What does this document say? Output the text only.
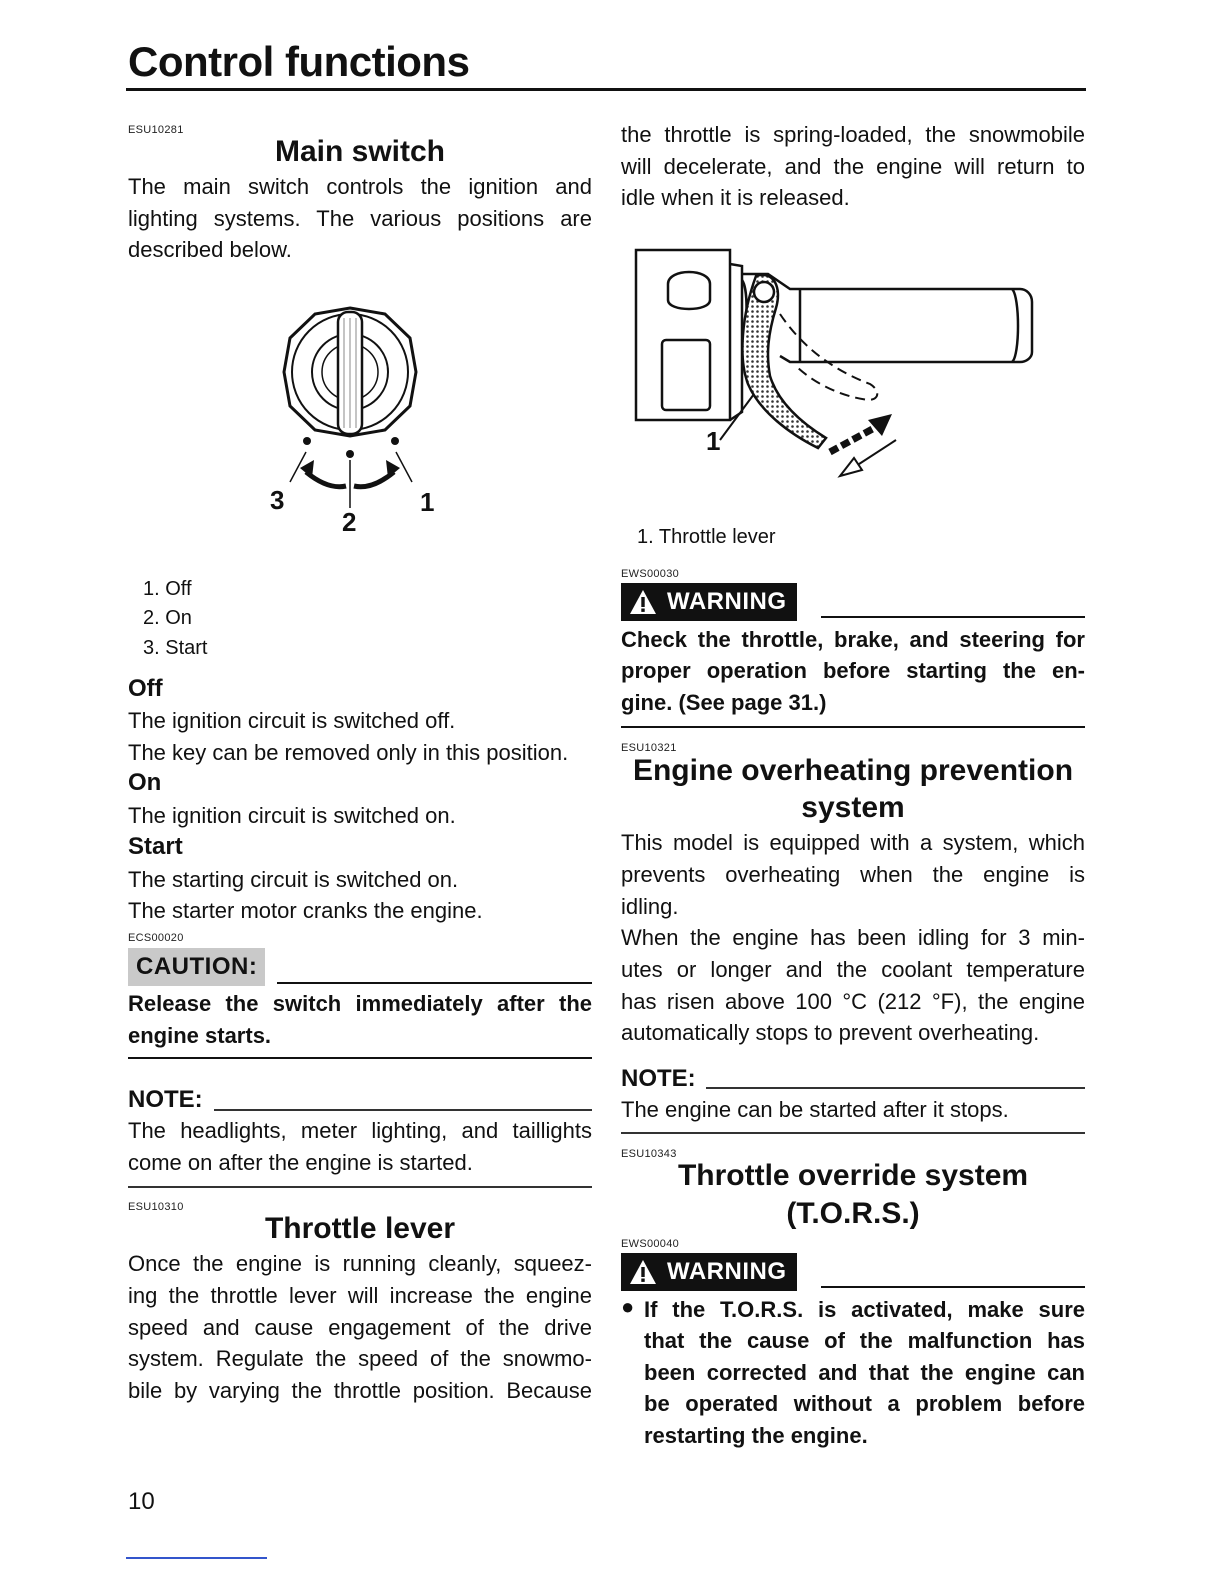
Control functions
ESU10281
Main switch
The main switch controls the ignition and lighting systems. The various positions are described below.
3
2
1
1. Off
2. On
3. Start
Off
The ignition circuit is switched off.
The key can be removed only in this position.
On
The ignition circuit is switched on.
Start
The starting circuit is switched on.
The starter motor cranks the engine.
ECS00020
CAUTION:
Release the switch immediately after the engine starts.
NOTE:
The headlights, meter lighting, and taillights come on after the engine is started.
ESU10310
Throttle lever
Once the engine is running cleanly, squeez-
ing the throttle lever will increase the engine
speed and cause engagement of the drive
system. Regulate the speed of the snowmo-
bile by varying the throttle position. Because
10
the throttle is spring-loaded, the snowmobile
will decelerate, and the engine will return to
idle when it is released.
1
1. Throttle lever
EWS00030
WARNING
Check the throttle, brake, and steering for
proper operation before starting the en-
gine. (See page 31.)
ESU10321
Engine overheating prevention
system
This model is equipped with a system, which
prevents overheating when the engine is
idling.
When the engine has been idling for 3 min-
utes or longer and the coolant temperature
has risen above 100 °C (212 °F), the engine
automatically stops to prevent overheating.
NOTE:
The engine can be started after it stops.
ESU10343
Throttle override system
(T.O.R.S.)
EWS00040
WARNING
● If the T.O.R.S. is activated, make sure
that the cause of the malfunction has
been corrected and that the engine can
be operated without a problem before
restarting the engine.
